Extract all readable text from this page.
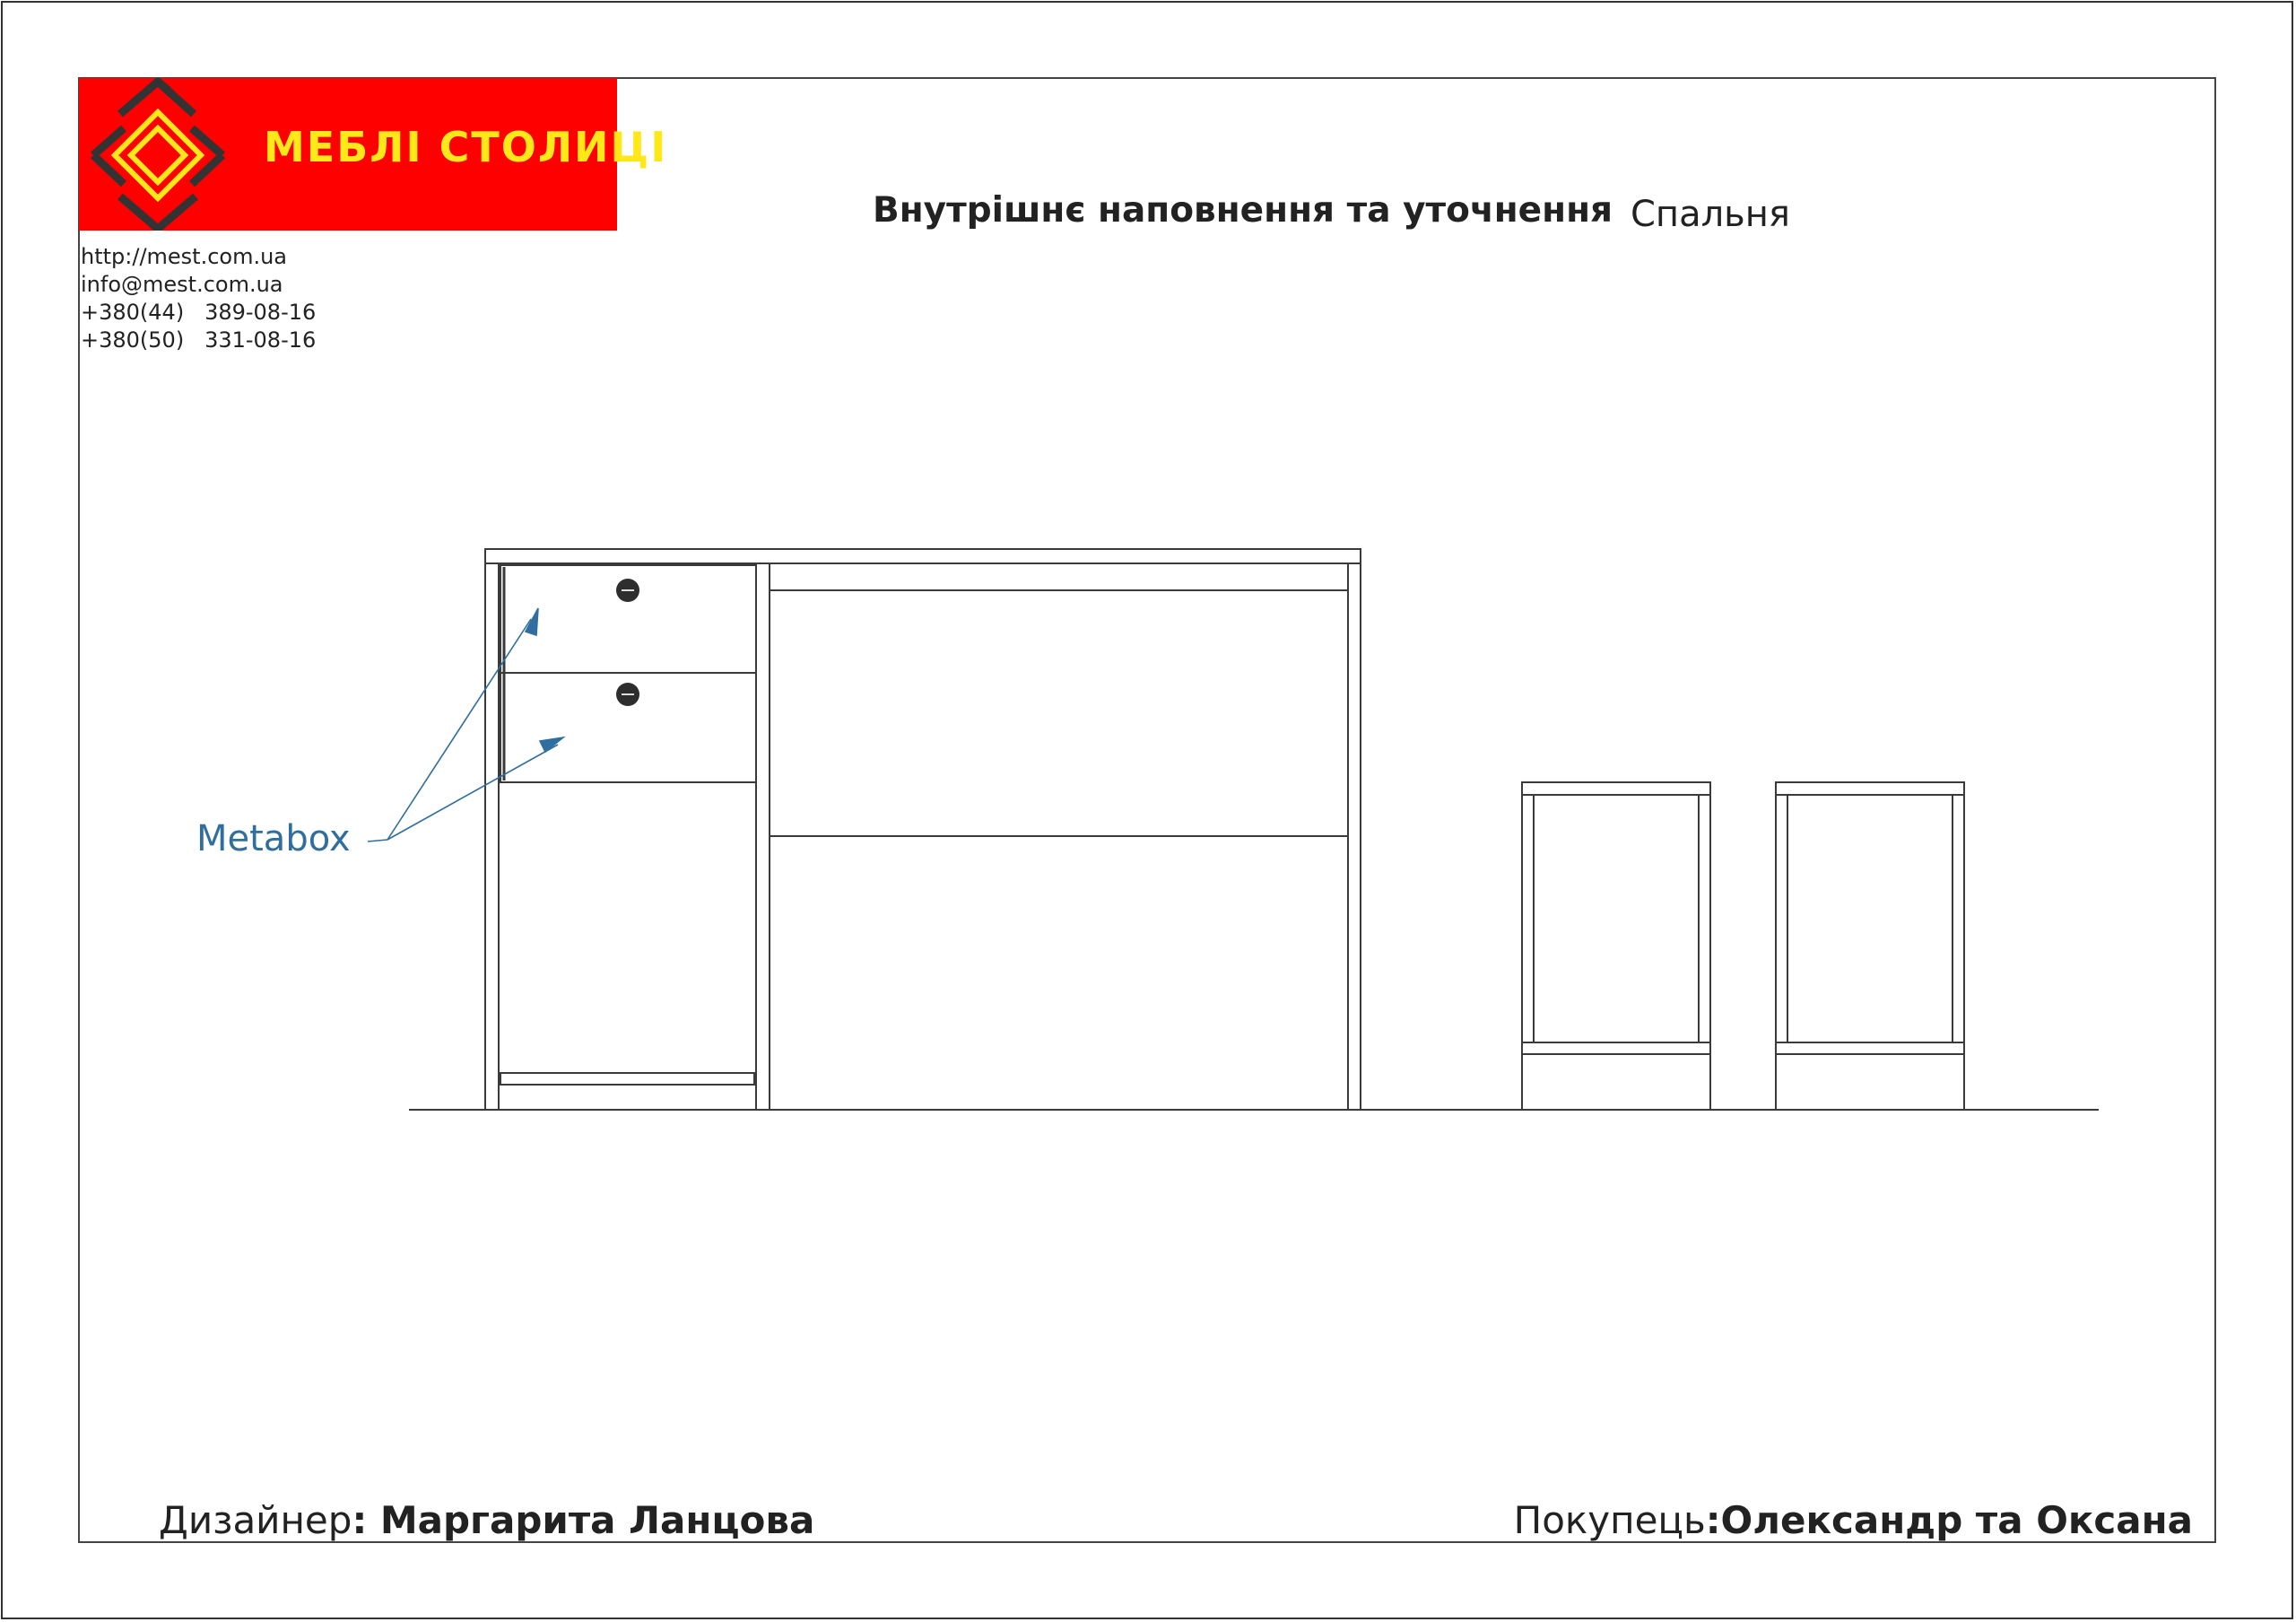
МЕБЛІ СТОЛИЦІ
http://mest.com.ua
info@mest.com.ua
+380(44)   389-08-16
+380(50)   331-08-16
Внутрішнє наповнення та уточнення Спальня
Metabox
Дизайнер: Маргарита Ланцова	Покупець:Олександр та Оксана
